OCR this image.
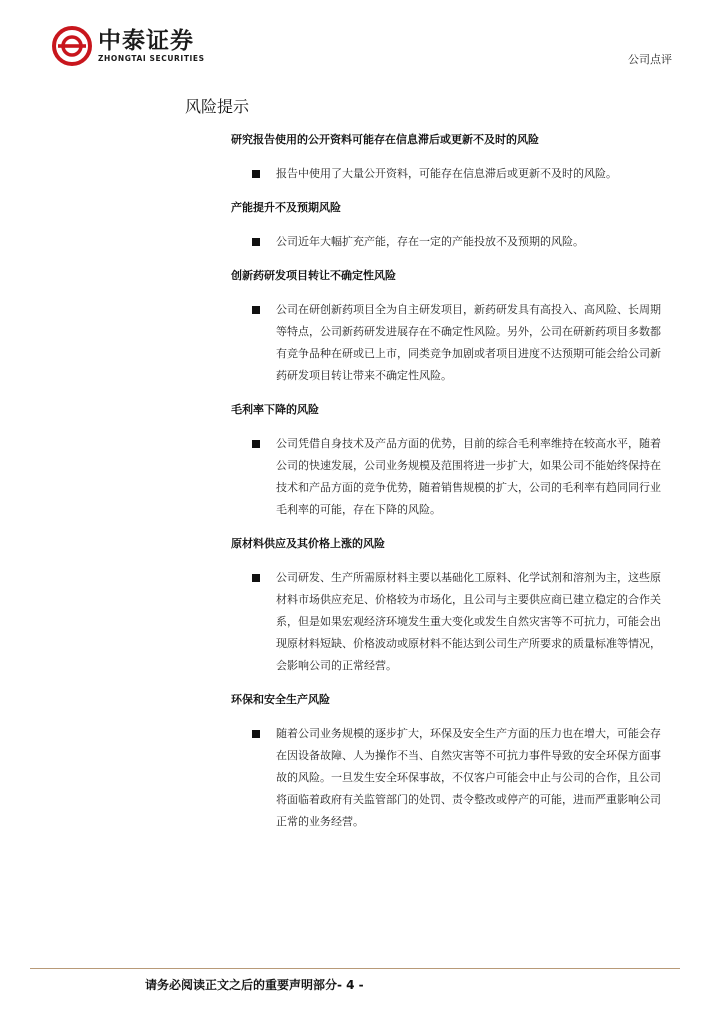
中泰证券
ZHONGTAI SECURITIES	公司点评
风险提示

研究报告使用的公开资料可能存在信息滞后或更新不及时的风险

报告中使用了大量公开资料，可能存在信息滞后或更新不及时的风险。

产能提升不及预期风险

公司近年大幅扩充产能，存在一定的产能投放不及预期的风险。

创新药研发项目转让不确定性风险

公司在研创新药项目全为自主研发项目，新药研发具有高投入、高风险、长周期等特点，公司新药研发进展存在不确定性风险。另外，公司在研新药项目多数都有竞争品种在研或已上市，同类竞争加剧或者项目进度不达预期可能会给公司新药研发项目转让带来不确定性风险。

毛利率下降的风险

公司凭借自身技术及产品方面的优势，目前的综合毛利率维持在较高水平，随着公司的快速发展，公司业务规模及范围将进一步扩大，如果公司不能始终保持在技术和产品方面的竞争优势，随着销售规模的扩大，公司的毛利率有趋同同行业毛利率的可能，存在下降的风险。

原材料供应及其价格上涨的风险

公司研发、生产所需原材料主要以基础化工原料、化学试剂和溶剂为主，这些原材料市场供应充足、价格较为市场化，且公司与主要供应商已建立稳定的合作关系，但是如果宏观经济环境发生重大变化或发生自然灾害等不可抗力，可能会出现原材料短缺、价格波动或原材料不能达到公司生产所要求的质量标准等情况，会影响公司的正常经营。

环保和安全生产风险

随着公司业务规模的逐步扩大，环保及安全生产方面的压力也在增大，可能会存在因设备故障、人为操作不当、自然灾害等不可抗力事件导致的安全环保方面事故的风险。一旦发生安全环保事故，不仅客户可能会中止与公司的合作，且公司将面临着政府有关监管部门的处罚、责令整改或停产的可能，进而严重影响公司正常的业务经营。
请务必阅读正文之后的重要声明部分- 4 -
